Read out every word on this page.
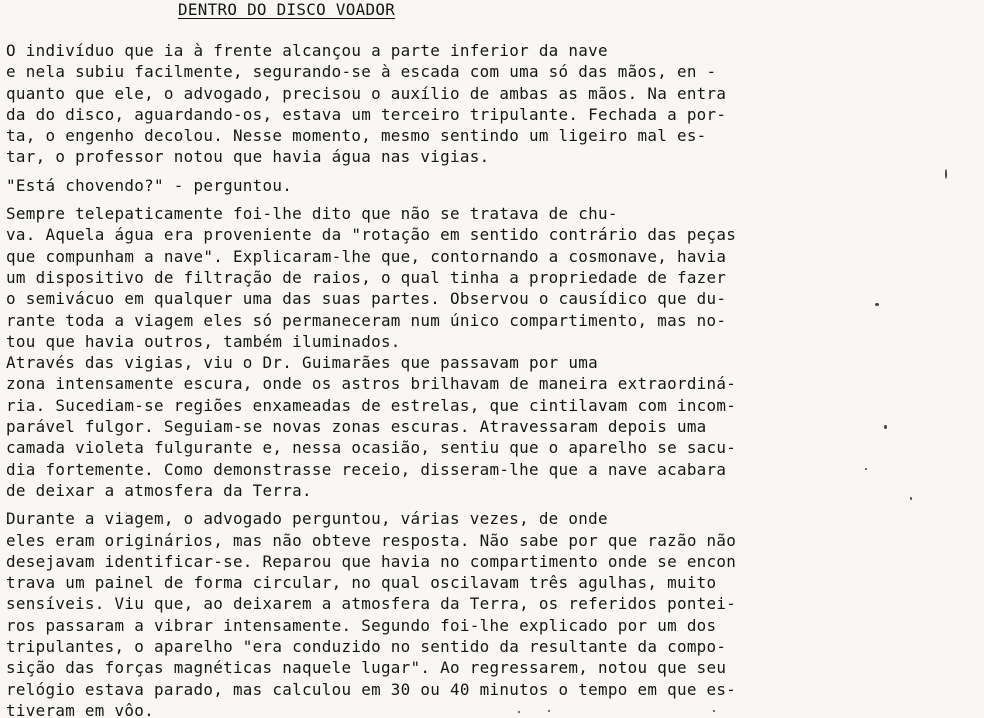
DENTRO DO DISCO VOADOR

O indivíduo que ia à frente alcançou a parte inferior da nave
e nela subiu facilmente, segurando-se à escada com uma só das mãos, en -
quanto que ele, o advogado, precisou o auxílio de ambas as mãos. Na entra
da do disco, aguardando-os, estava um terceiro tripulante. Fechada a por-
ta, o engenho decolou. Nesse momento, mesmo sentindo um ligeiro mal es-
tar, o professor notou que havia água nas vigias.

"Está chovendo?" - perguntou.

Sempre telepaticamente foi-lhe dito que não se tratava de chu-
va. Aquela água era proveniente da "rotação em sentido contrário das peças
que compunham a nave". Explicaram-lhe que, contornando a cosmonave, havia
um dispositivo de filtração de raios, o qual tinha a propriedade de fazer
o semivácuo em qualquer uma das suas partes. Observou o causídico que du-
rante toda a viagem eles só permaneceram num único compartimento, mas no-
tou que havia outros, também iluminados.

Através das vigias, viu o Dr. Guimarães que passavam por uma
zona intensamente escura, onde os astros brilhavam de maneira extraordiná-
ria. Sucediam-se regiões enxameadas de estrelas, que cintilavam com incom-
parável fulgor. Seguiam-se novas zonas escuras. Atravessaram depois uma
camada violeta fulgurante e, nessa ocasião, sentiu que o aparelho se sacu-
dia fortemente. Como demonstrasse receio, disseram-lhe que a nave acabara
de deixar a atmosfera da Terra.

Durante a viagem, o advogado perguntou, várias vezes, de onde
eles eram originários, mas não obteve resposta. Não sabe por que razão não
desejavam identificar-se. Reparou que havia no compartimento onde se encon
trava um painel de forma circular, no qual oscilavam três agulhas, muito
sensíveis. Viu que, ao deixarem a atmosfera da Terra, os referidos pontei-
ros passaram a vibrar intensamente. Segundo foi-lhe explicado por um dos
tripulantes, o aparelho "era conduzido no sentido da resultante da compo-
sição das forças magnéticas naquele lugar". Ao regressarem, notou que seu
relógio estava parado, mas calculou em 30 ou 40 minutos o tempo em que es-
tiveram em vôo.
